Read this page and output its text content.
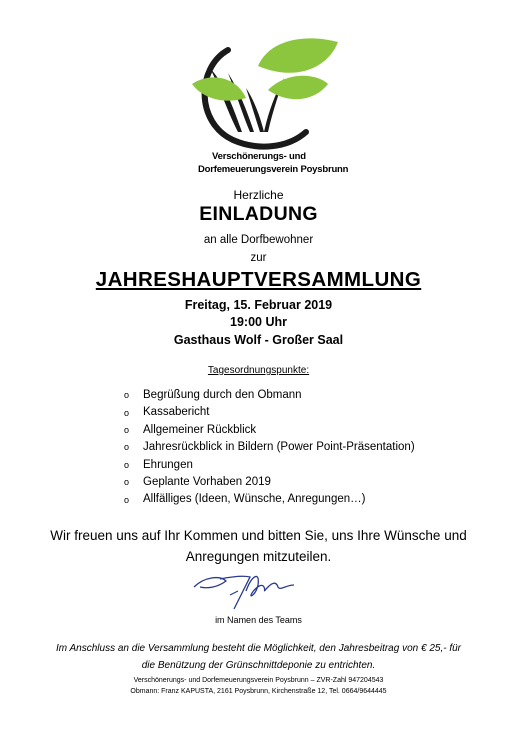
Verschönerungs- und
Dorfemeuerungsverein Poysbrunn
Herzliche
EINLADUNG
an alle Dorfbewohner
zur
JAHRESHAUPTVERSAMMLUNG
Freitag, 15. Februar 2019
19:00 Uhr
Gasthaus Wolf - Großer Saal
Tagesordnungspunkte:
o Begrüßung durch den Obmann
o Kassabericht
o Allgemeiner Rückblick
o Jahresrückblick in Bildern (Power Point-Präsentation)
o Ehrungen
o Geplante Vorhaben 2019
o Allfälliges (Ideen, Wünsche, Anregungen…)
Wir freuen uns auf Ihr Kommen und bitten Sie, uns Ihre Wünsche und
Anregungen mitzuteilen.
im Namen des Teams
Im Anschluss an die Versammlung besteht die Möglichkeit, den Jahresbeitrag von € 25,- für
die Benützung der Grünschnittdeponie zu entrichten.
Verschönerungs- und Dorfemeuerungsverein Poysbrunn – ZVR-Zahl 947204543
Obmann: Franz KAPUSTA, 2161 Poysbrunn, Kirchenstraße 12, Tel. 0664/9644445
